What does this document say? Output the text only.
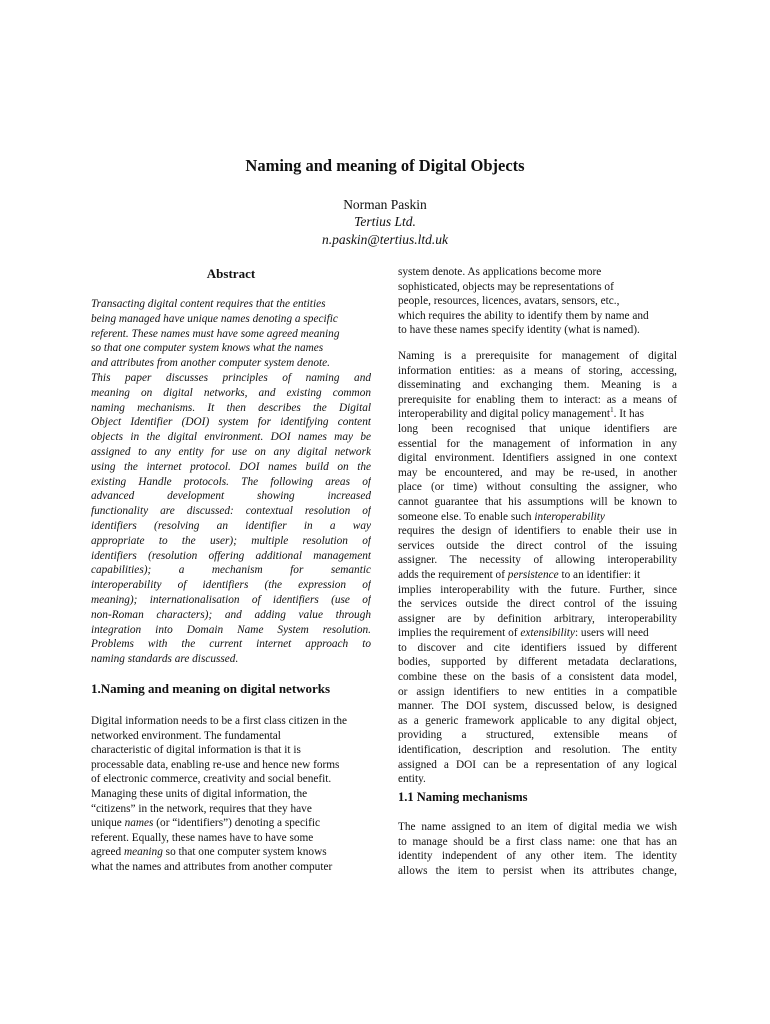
Naming and meaning of Digital Objects
Norman Paskin
Tertius Ltd.
n.paskin@tertius.ltd.uk
Abstract
Transacting digital content requires that the entities
being managed have unique names denoting a specific
referent. These names must have some agreed meaning
so that one computer system knows what the names
and attributes from another computer system denote.
This paper discusses principles of naming and
meaning on digital networks, and existing common
naming mechanisms. It then describes the Digital
Object Identifier (DOI) system for identifying content
objects in the digital environment. DOI names may be
assigned to any entity for use on any digital network
using the internet protocol. DOI names build on the
existing Handle protocols. The following areas of
advanced development showing increased
functionality are discussed: contextual resolution of
identifiers (resolving an identifier in a way
appropriate to the user); multiple resolution of
identifiers (resolution offering additional management
capabilities); a mechanism for semantic
interoperability of identifiers (the expression of
meaning); internationalisation of identifiers (use of
non-Roman characters); and adding value through
integration into Domain Name System resolution.
Problems with the current internet approach to
naming standards are discussed.
1.Naming and meaning on digital networks
Digital information needs to be a first class citizen in the
networked environment. The fundamental
characteristic of digital information is that it is
processable data, enabling re-use and hence new forms
of electronic commerce, creativity and social benefit.
Managing these units of digital information, the
“citizens” in the network, requires that they have
unique names (or “identifiers”) denoting a specific
referent. Equally, these names have to have some
agreed meaning so that one computer system knows
what the names and attributes from another computer
system denote. As applications become more
sophisticated, objects may be representations of
people, resources, licences, avatars, sensors, etc.,
which requires the ability to identify them by name and
to have these names specify identity (what is named).
Naming is a prerequisite for management of digital
information entities: as a means of storing, accessing,
disseminating and exchanging them. Meaning is a
prerequisite for enabling them to interact: as a means of
interoperability and digital policy management$^1$. It has
long been recognised that unique identifiers are
essential for the management of information in any
digital environment. Identifiers assigned in one context
may be encountered, and may be re-used, in another
place (or time) without consulting the assigner, who
cannot guarantee that his assumptions will be known to
someone else. To enable such interoperability
requires the design of identifiers to enable their use in
services outside the direct control of the issuing
assigner. The necessity of allowing interoperability
adds the requirement of persistence to an identifier: it
implies interoperability with the future. Further, since
the services outside the direct control of the issuing
assigner are by definition arbitrary, interoperability
implies the requirement of extensibility: users will need
to discover and cite identifiers issued by different
bodies, supported by different metadata declarations,
combine these on the basis of a consistent data model,
or assign identifiers to new entities in a compatible
manner. The DOI system, discussed below, is designed
as a generic framework applicable to any digital object,
providing a structured, extensible means of
identification, description and resolution. The entity
assigned a DOI can be a representation of any logical
entity.
1.1 Naming mechanisms
The name assigned to an item of digital media we wish
to manage should be a first class name: one that has an
identity independent of any other item. The identity
allows the item to persist when its attributes change,
